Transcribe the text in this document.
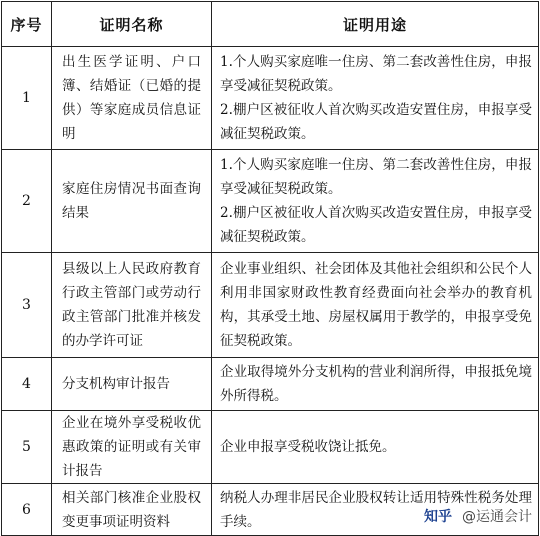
序号	证明名称	证明用途
1	出生医学证明、户口簿、结婚证（已婚的提供）等家庭成员信息证明	1.个人购买家庭唯一住房、第二套改善性住房，申报享受减征契税政策。
2.棚户区被征收人首次购买改造安置住房，申报享受减征契税政策。

2	家庭住房情况书面查询结果	1.个人购买家庭唯一住房、第二套改善性住房，申报享受减征契税政策。
2.棚户区被征收人首次购买改造安置住房，申报享受减征契税政策。

3	县级以上人民政府教育行政主管部门或劳动行政主管部门批准并核发的办学许可证	企业事业组织、社会团体及其他社会组织和公民个人利用非国家财政性教育经费面向社会举办的教育机构，其承受土地、房屋权属用于教学的，申报享受免征契税政策。

4	分支机构审计报告	企业取得境外分支机构的营业利润所得，申报抵免境外所得税。

5	企业在境外享受税收优惠政策的证明或有关审计报告	企业申报享受税收饶让抵免。

6	相关部门核准企业股权变更事项证明资料	纳税人办理非居民企业股权转让适用特殊性税务处理手续。	知乎 @运通会计
